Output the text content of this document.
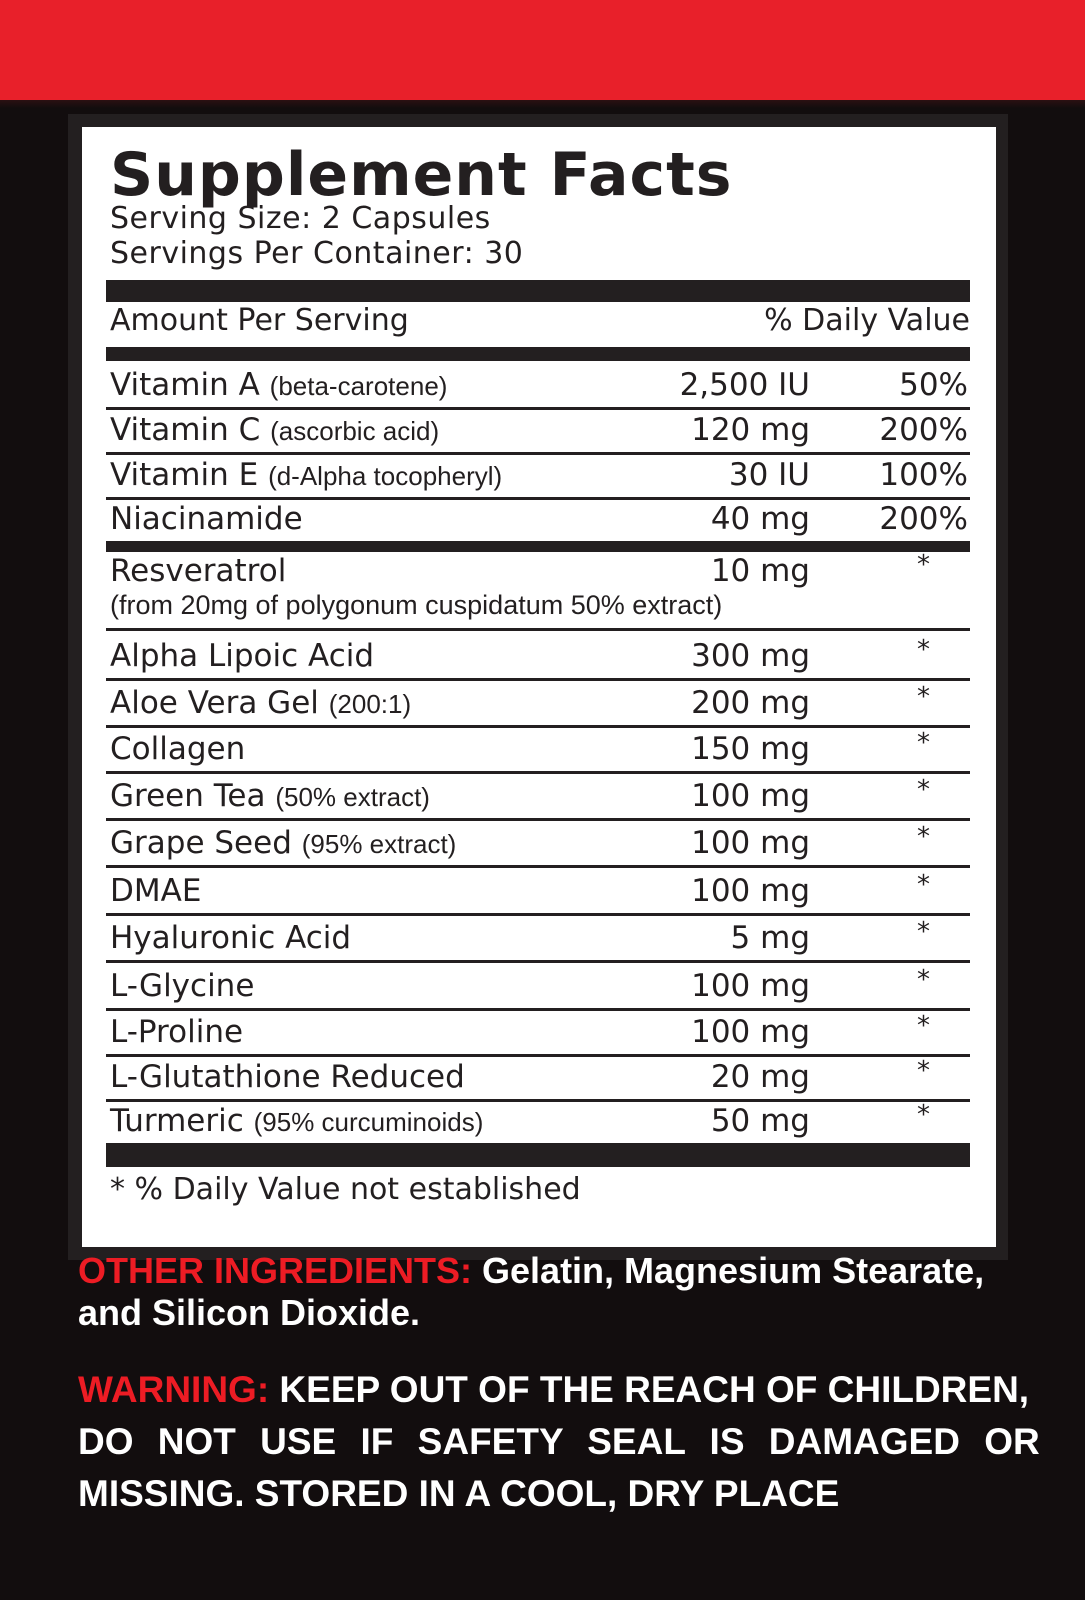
Supplement Facts
Serving Size: 2 Capsules
Servings Per Container: 30
Amount Per Serving	% Daily Value
Vitamin A (beta-carotene)	2,500 IU	50%
Vitamin C (ascorbic acid)	120 mg 200%
Vitamin E (d-Alpha tocopheryl)	30 IU 100%
Niacinamide	40 mg 200%
Resveratrol	10 mg	*
(from 20mg of polygonum cuspidatum 50% extract)
Alpha Lipoic Acid	300 mg	*
Aloe Vera Gel (200:1)	200 mg	*
Collagen	150 mg	*
Green Tea (50% extract)	100 mg	*
Grape Seed (95% extract)	100 mg	*
DMAE	100 mg	*
Hyaluronic Acid	5 mg	*
L-Glycine	100 mg	*
L-Proline	100 mg	*
L-Glutathione Reduced	20 mg	*
Turmeric (95% curcuminoids)	50 mg	*
* % Daily Value not established
OTHER INGREDIENTS: Gelatin, Magnesium Stearate,
and Silicon Dioxide.
WARNING: KEEP OUT OF THE REACH OF CHILDREN,
DO NOT USE IF SAFETY SEAL IS DAMAGED OR
MISSING. STORED IN A COOL, DRY PLACE
